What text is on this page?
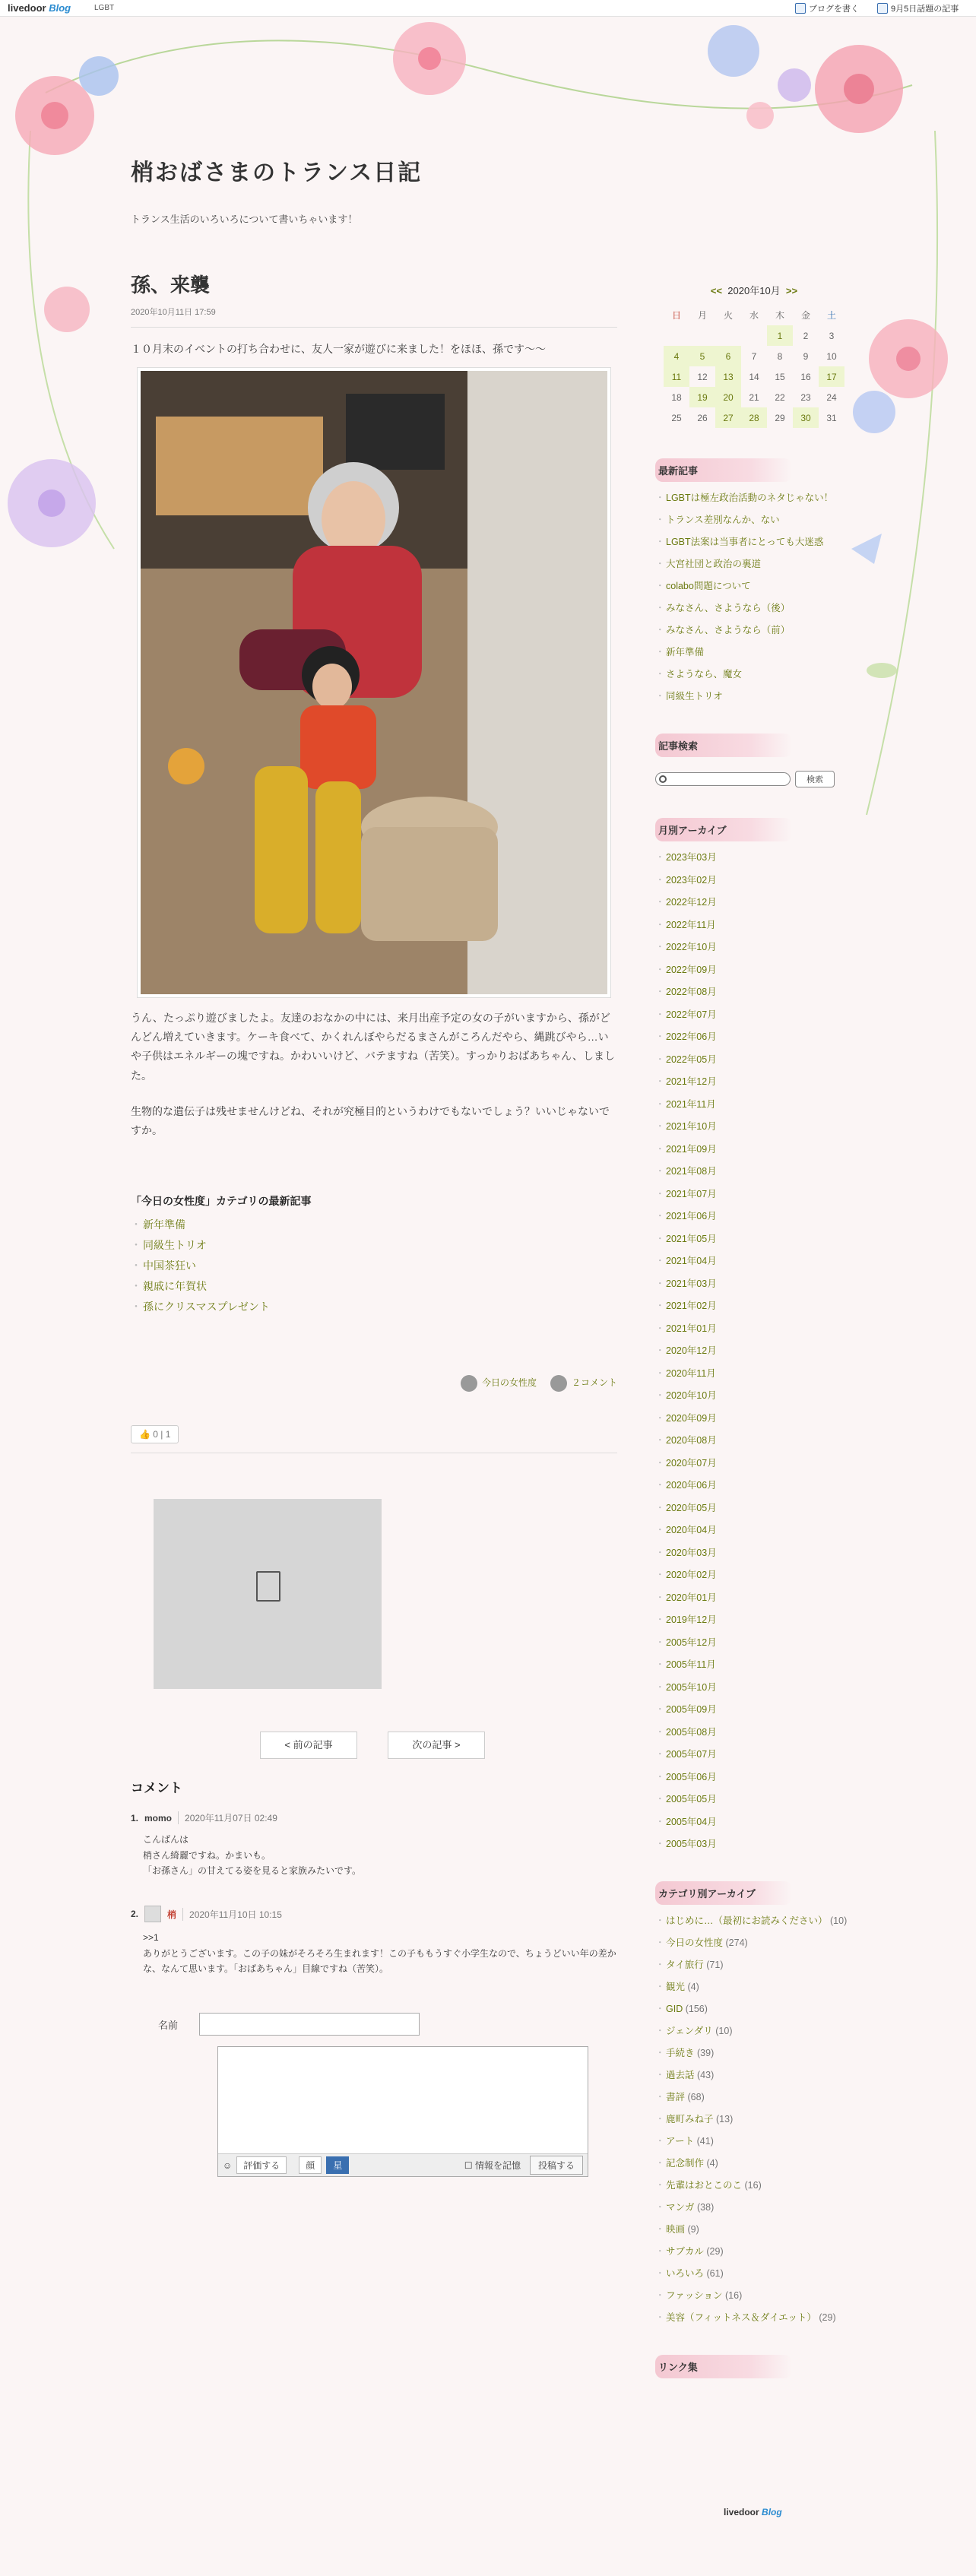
livedoor Blog	LGBT	ブログを書く	9月5日話題の記事
梢おばさまのトランス日記
トランス生活のいろいろについて書いちゃいます！
孫、来襲
2020年10月11日 17:59

１０月末のイベントの打ち合わせに、友人一家が遊びに来ました！をほほ、孫です〜〜

うん、たっぷり遊びましたよ。友達のおなかの中には、来月出産予定の女の子がいますから、孫がどんどん増えていきます。ケーキ食べて、かくれんぼやらだるまさんがころんだやら、縄跳びやら…いや子供はエネルギーの塊ですね。かわいいけど、バテますね（苦笑）。すっかりおばあちゃん、しました。

生物的な遺伝子は残せませんけどね、それが究極目的というわけでもないでしょう？いいじゃないですか。

「今日の女性度」カテゴリの最新記事
・ 新年準備
・ 同級生トリオ
・ 中国茶狂い
・ 親戚に年賀状
・ 孫にクリスマスプレゼント
今日の女性度	２コメント
👍 0 | 1
< 前の記事	次の記事 >
コメント
1. momo	2020年11月07日 02:49
こんばんは
梢さん綺麗ですね。かまいも。
「お孫さん」の甘えてる姿を見ると家族みたいです。
2.	梢	2020年11月10日 10:15
>>1
ありがとうございます。この子の妹がそろそろ生まれます！この子ももうすぐ小学生なので、ちょうどいい年の差かな、なんて思います。「おばあちゃん」目線ですね（苦笑）。
名前
☺	評価する	顔	星	☐ 情報を記憶	投稿する
<< 2020年10月 >>
日	月	火	水	木	金	土
				1	2	3
4	5	6	7	8	9	10
11	12	13	14	15	16	17
18	19	20	21	22	23	24
25	26	27	28	29	30	31
最新記事
・ LGBTは極左政治活動のネタじゃない！
・ トランス差別なんか、ない
・ LGBT法案は当事者にとっても大迷惑
・ 大宮社団と政治の裏道
・ colabo問題について
・ みなさん、さようなら（後）
・ みなさん、さようなら（前）
・ 新年準備
・ さようなら、魔女
・ 同級生トリオ
記事検索
検索
月別アーカイブ
・ 2023年03月
・ 2023年02月
・ 2022年12月
・ 2022年11月
・ 2022年10月
・ 2022年09月
・ 2022年08月
・ 2022年07月
・ 2022年06月
・ 2022年05月
・ 2021年12月
・ 2021年11月
・ 2021年10月
・ 2021年09月
・ 2021年08月
・ 2021年07月
・ 2021年06月
・ 2021年05月
・ 2021年04月
・ 2021年03月
・ 2021年02月
・ 2021年01月
・ 2020年12月
・ 2020年11月
・ 2020年10月
・ 2020年09月
・ 2020年08月
・ 2020年07月
・ 2020年06月
・ 2020年05月
・ 2020年04月
・ 2020年03月
・ 2020年02月
・ 2020年01月
・ 2019年12月
・ 2005年12月
・ 2005年11月
・ 2005年10月
・ 2005年09月
・ 2005年08月
・ 2005年07月
・ 2005年06月
・ 2005年05月
・ 2005年04月
・ 2005年03月
カテゴリ別アーカイブ
・ はじめに…（最初にお読みください） (10)
・ 今日の女性度 (274)
・ タイ旅行 (71)
・ 観光 (4)
・ GID (156)
・ ジェンダリ (10)
・ 手続き (39)
・ 過去話 (43)
・ 書評 (68)
・ 鹿町みね子 (13)
・ アート (41)
・ 記念制作 (4)
・ 先輩はおとこのこ (16)
・ マンガ (38)
・ 映画 (9)
・ サブカル (29)
・ いろいろ (61)
・ ファッション (16)
・ 美容（フィットネス＆ダイエット） (29)
リンク集
livedoor Blog
